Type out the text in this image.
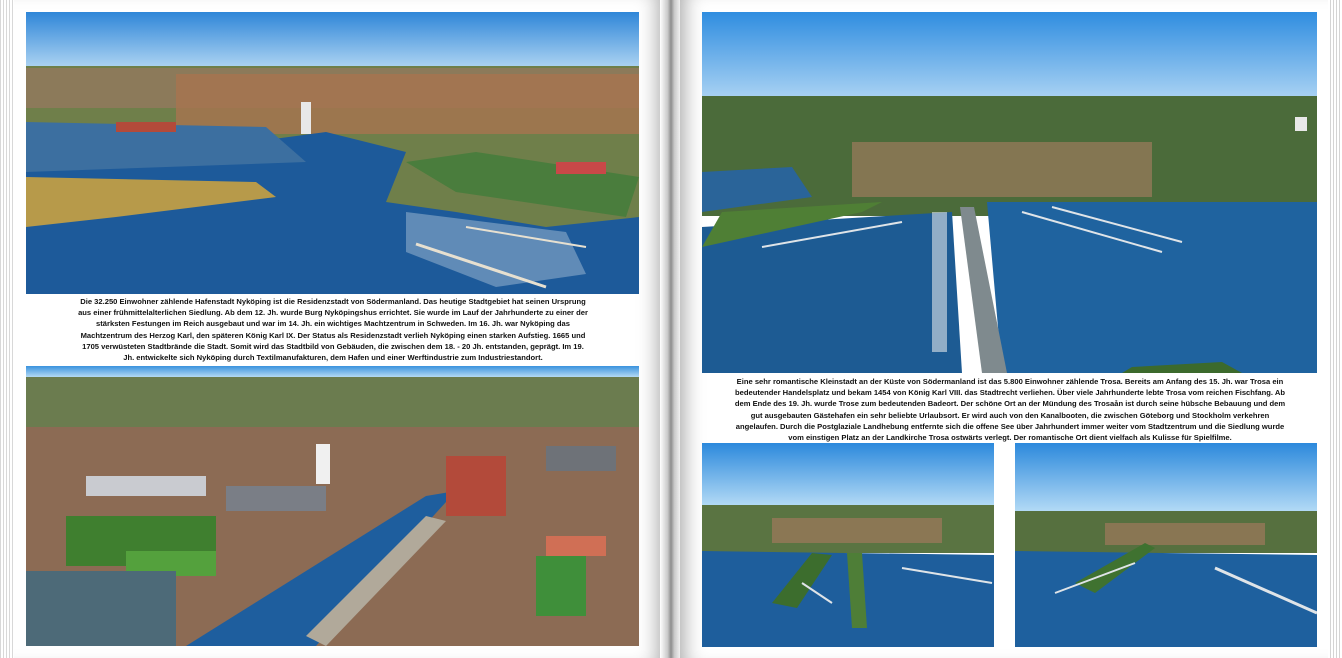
Die 32.250 Einwohner zählende Hafenstadt Nyköping ist die Residenzstadt von Södermanland. Das heutige Stadtgebiet hat seinen Ursprung aus einer frühmittelalterlichen Siedlung. Ab dem 12. Jh. wurde Burg Nyköpingshus errichtet. Sie wurde im Lauf der Jahrhunderte zu einer der stärksten Festungen im Reich ausgebaut und war im 14. Jh. ein wichtiges Machtzentrum in Schweden. Im 16. Jh. war Nyköping das Machtzentrum des Herzog Karl, den späteren König Karl IX. Der Status als Residenzstadt verlieh Nyköping einen starken Aufstieg. 1665 und 1705 verwüsteten Stadtbrände die Stadt. Somit wird das Stadtbild von Gebäuden, die zwischen dem 18. - 20 Jh. entstanden, geprägt. Im 19. Jh. entwickelte sich Nyköping durch Textilmanufakturen, dem Hafen und einer Werftindustrie zum Industriestandort.
Eine sehr romantische Kleinstadt an der Küste von Södermanland ist das 5.800 Einwohner zählende Trosa. Bereits am Anfang des 15. Jh. war Trosa ein bedeutender Handelsplatz und bekam 1454 von König Karl VIII. das Stadtrecht verliehen. Über viele Jahrhunderte lebte Trosa vom reichen Fischfang. Ab dem Ende des 19. Jh. wurde Trose zum bedeutenden Badeort. Der schöne Ort an der Mündung des Trosaån ist durch seine hübsche Bebauung und dem gut ausgebauten Gästehafen ein sehr beliebte Urlaubsort. Er wird auch von den Kanalbooten, die zwischen Göteborg und Stockholm verkehren angelaufen. Durch die Postglaziale Landhebung entfernte sich die offene See über Jahrhundert immer weiter vom Stadtzentrum und die Siedlung wurde vom einstigen Platz an der Landkirche Trosa ostwärts verlegt. Der romantische Ort dient vielfach als Kulisse für Spielfilme.
